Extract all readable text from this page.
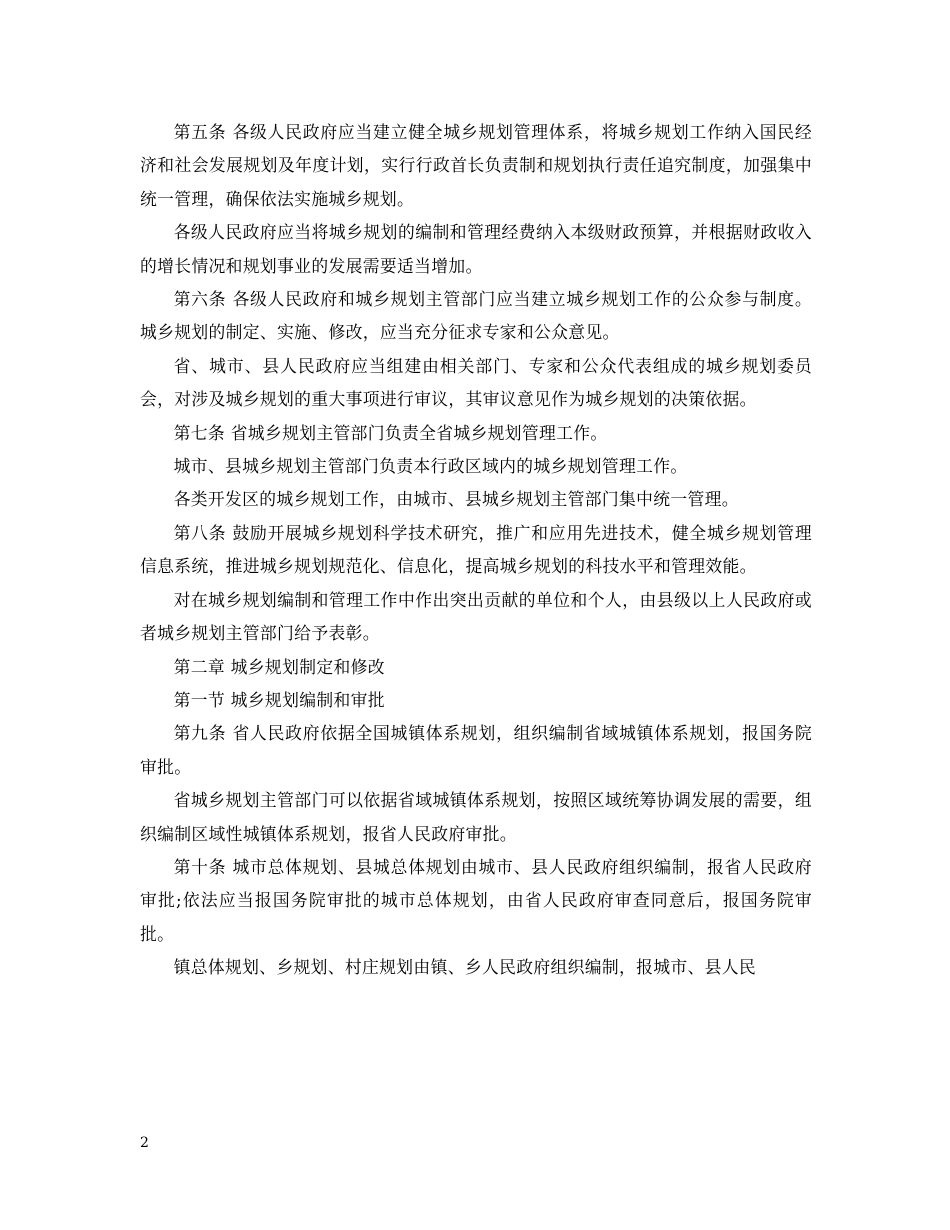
第五条 各级人民政府应当建立健全城乡规划管理体系，将城乡规划工作纳入国民经济和社会发展规划及年度计划，实行行政首长负责制和规划执行责任追究制度，加强集中统一管理，确保依法实施城乡规划。

各级人民政府应当将城乡规划的编制和管理经费纳入本级财政预算，并根据财政收入的增长情况和规划事业的发展需要适当增加。

第六条 各级人民政府和城乡规划主管部门应当建立城乡规划工作的公众参与制度。城乡规划的制定、实施、修改，应当充分征求专家和公众意见。

省、城市、县人民政府应当组建由相关部门、专家和公众代表组成的城乡规划委员会，对涉及城乡规划的重大事项进行审议，其审议意见作为城乡规划的决策依据。

第七条 省城乡规划主管部门负责全省城乡规划管理工作。

城市、县城乡规划主管部门负责本行政区域内的城乡规划管理工作。

各类开发区的城乡规划工作，由城市、县城乡规划主管部门集中统一管理。

第八条 鼓励开展城乡规划科学技术研究，推广和应用先进技术，健全城乡规划管理信息系统，推进城乡规划规范化、信息化，提高城乡规划的科技水平和管理效能。

对在城乡规划编制和管理工作中作出突出贡献的单位和个人，由县级以上人民政府或者城乡规划主管部门给予表彰。

第二章 城乡规划制定和修改

第一节 城乡规划编制和审批

第九条 省人民政府依据全国城镇体系规划，组织编制省域城镇体系规划，报国务院审批。

省城乡规划主管部门可以依据省域城镇体系规划，按照区域统筹协调发展的需要，组织编制区域性城镇体系规划，报省人民政府审批。

第十条 城市总体规划、县城总体规划由城市、县人民政府组织编制，报省人民政府审批;依法应当报国务院审批的城市总体规划，由省人民政府审查同意后，报国务院审批。

镇总体规划、乡规划、村庄规划由镇、乡人民政府组织编制，报城市、县人民

2
